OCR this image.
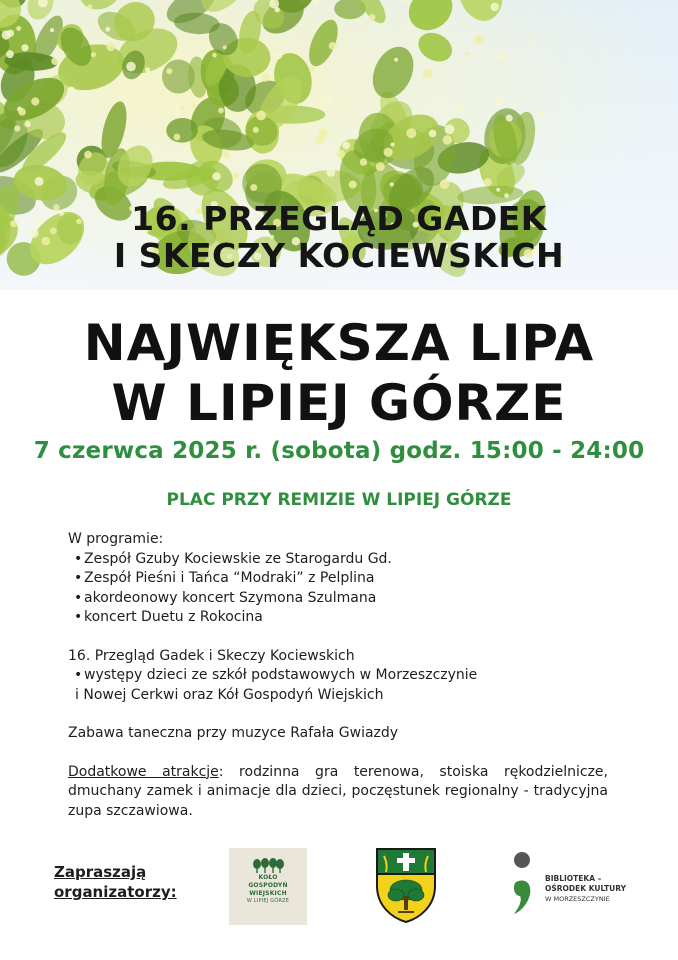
16. PRZEGLĄD GADEK
I SKECZY KOCIEWSKICH
NAJWIĘKSZA LIPA
W LIPIEJ GÓRZE
7 czerwca 2025 r. (sobota) godz. 15:00 - 24:00
PLAC PRZY REMIZIE W LIPIEJ GÓRZE

W programie:

• Zespół Gzuby Kociewskie ze Starogardu Gd.
• Zespół Pieśni i Tańca “Modraki” z Pelplina
• akordeonowy koncert Szymona Szulmana
• koncert Duetu z Rokocina

16. Przegląd Gadek i Skeczy Kociewskich

• występy dzieci ze szkół podstawowych w Morzeszczynie
i Nowej Cerkwi oraz Kół Gospodyń Wiejskich

Zabawa taneczna przy muzyce Rafała Gwiazdy

Dodatkowe atrakcje: rodzinna gra terenowa, stoiska rękodzielnicze, dmuchany zamek i animacje dla dzieci, poczęstunek regionalny - tradycyjna zupa szczawiowa.
Zapraszają
organizatorzy:
KOŁO
GOSPODYŃ
WIEJSKICH
W LIPIEJ GÓRZE
BIBLIOTEKA –
OŚRODEK KULTURY
W MORZESZCZYNIE
